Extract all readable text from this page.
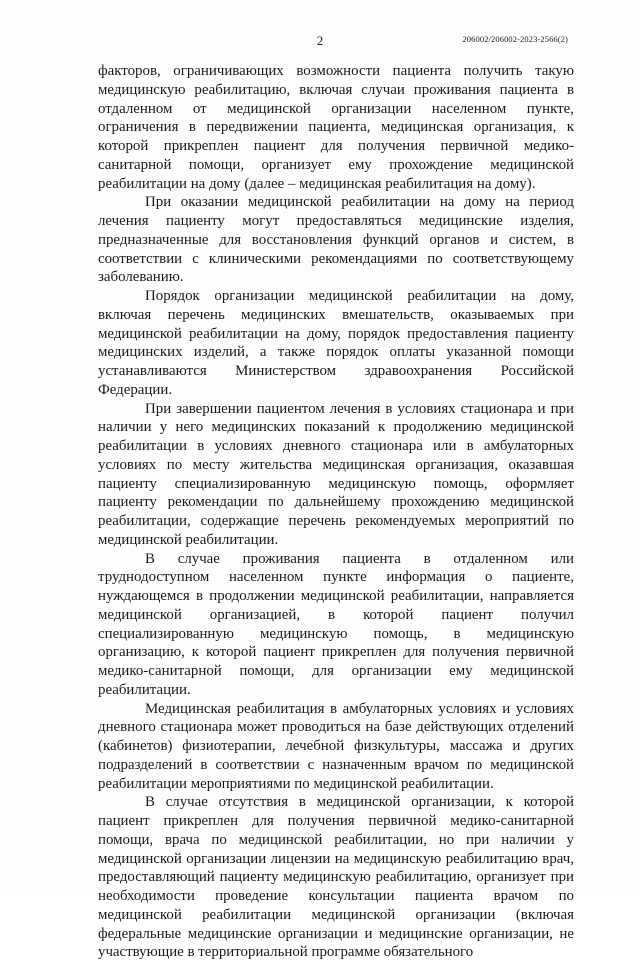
206002/206002-2023-2566(2)
2

факторов, ограничивающих возможности пациента получить такую медицинскую реабилитацию, включая случаи проживания пациента в отдаленном от медицинской организации населенном пункте, ограничения в передвижении пациента, медицинская организация, к которой прикреплен пациент для получения первичной медико-санитарной помощи, организует ему прохождение медицинской реабилитации на дому (далее – медицинская реабилитация на дому).

При оказании медицинской реабилитации на дому на период лечения пациенту могут предоставляться медицинские изделия, предназначенные для восстановления функций органов и систем, в соответствии с клиническими рекомендациями по соответствующему заболеванию.

Порядок организации медицинской реабилитации на дому, включая перечень медицинских вмешательств, оказываемых при медицинской реабилитации на дому, порядок предоставления пациенту медицинских изделий, а также порядок оплаты указанной помощи устанавливаются Министерством здравоохранения Российской Федерации.

При завершении пациентом лечения в условиях стационара и при наличии у него медицинских показаний к продолжению медицинской реабилитации в условиях дневного стационара или в амбулаторных условиях по месту жительства медицинская организация, оказавшая пациенту специализированную медицинскую помощь, оформляет пациенту рекомендации по дальнейшему прохождению медицинской реабилитации, содержащие перечень рекомендуемых мероприятий по медицинской реабилитации.

В случае проживания пациента в отдаленном или труднодоступном населенном пункте информация о пациенте, нуждающемся в продолжении медицинской реабилитации, направляется медицинской организацией, в которой пациент получил специализированную медицинскую помощь, в медицинскую организацию, к которой пациент прикреплен для получения первичной медико-санитарной помощи, для организации ему медицинской реабилитации.

Медицинская реабилитация в амбулаторных условиях и условиях дневного стационара может проводиться на базе действующих отделений (кабинетов) физиотерапии, лечебной физкультуры, массажа и других подразделений в соответствии с назначенным врачом по медицинской реабилитации мероприятиями по медицинской реабилитации.

В случае отсутствия в медицинской организации, к которой пациент прикреплен для получения первичной медико-санитарной помощи, врача по медицинской реабилитации, но при наличии у медицинской организации лицензии на медицинскую реабилитацию врач, предоставляющий пациенту медицинскую реабилитацию, организует при необходимости проведение консультации пациента врачом по медицинской реабилитации медицинской организации (включая федеральные медицинские организации и медицинские организации, не участвующие в территориальной программе обязательного
